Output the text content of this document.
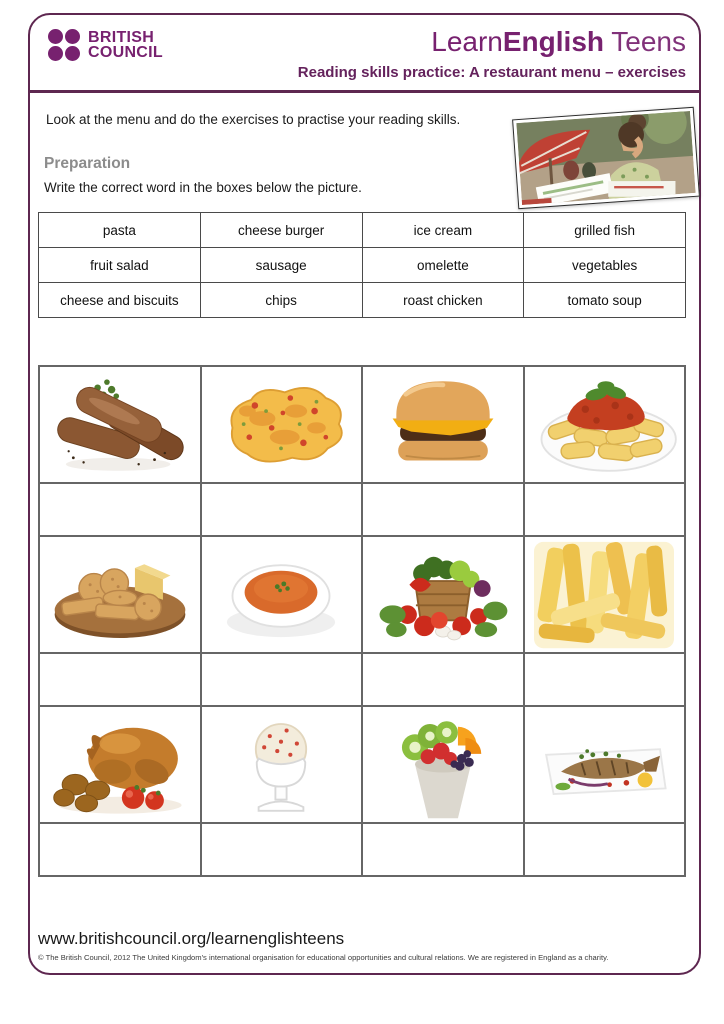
BRITISH
COUNCIL	LearnEnglish Teens
Reading skills practice: A restaurant menu – exercises
Look at the menu and do the exercises to practise your reading skills.
Preparation
Write the correct word in the boxes below the picture.
pasta	cheese burger	ice cream	grilled fish
fruit salad	sausage	omelette	vegetables
cheese and biscuits	chips	roast chicken	tomato soup

www.britishcouncil.org/learnenglishteens
© The British Council, 2012 The United Kingdom's international organisation for educational opportunities and cultural relations. We are registered in England as a charity.
